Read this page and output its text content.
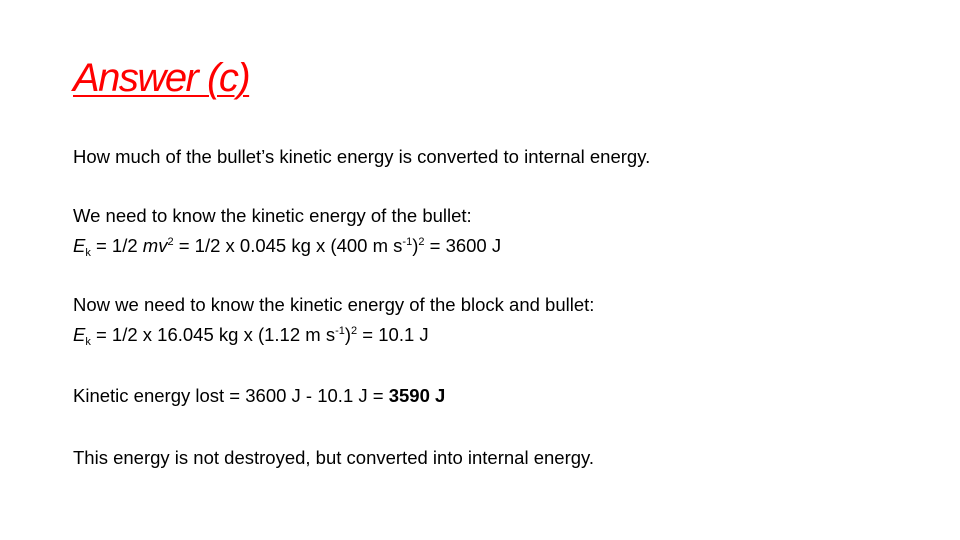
Answer (c)
How much of the bullet’s kinetic energy is converted to internal energy.
We need to know the kinetic energy of the bullet:
$E_k = 1/2$ $mv^2 = 1/2$ x 0.045 kg x (400 m $s^{-1})^2 = 3600$ J
Now we need to know the kinetic energy of the block and bullet:
$E_k = 1/2$ x 16.045 kg x (1.12 m $s^{-1})^2 = 10.1$ J
Kinetic energy lost = 3600 J - 10.1 J = 3590 J
This energy is not destroyed, but converted into internal energy.
